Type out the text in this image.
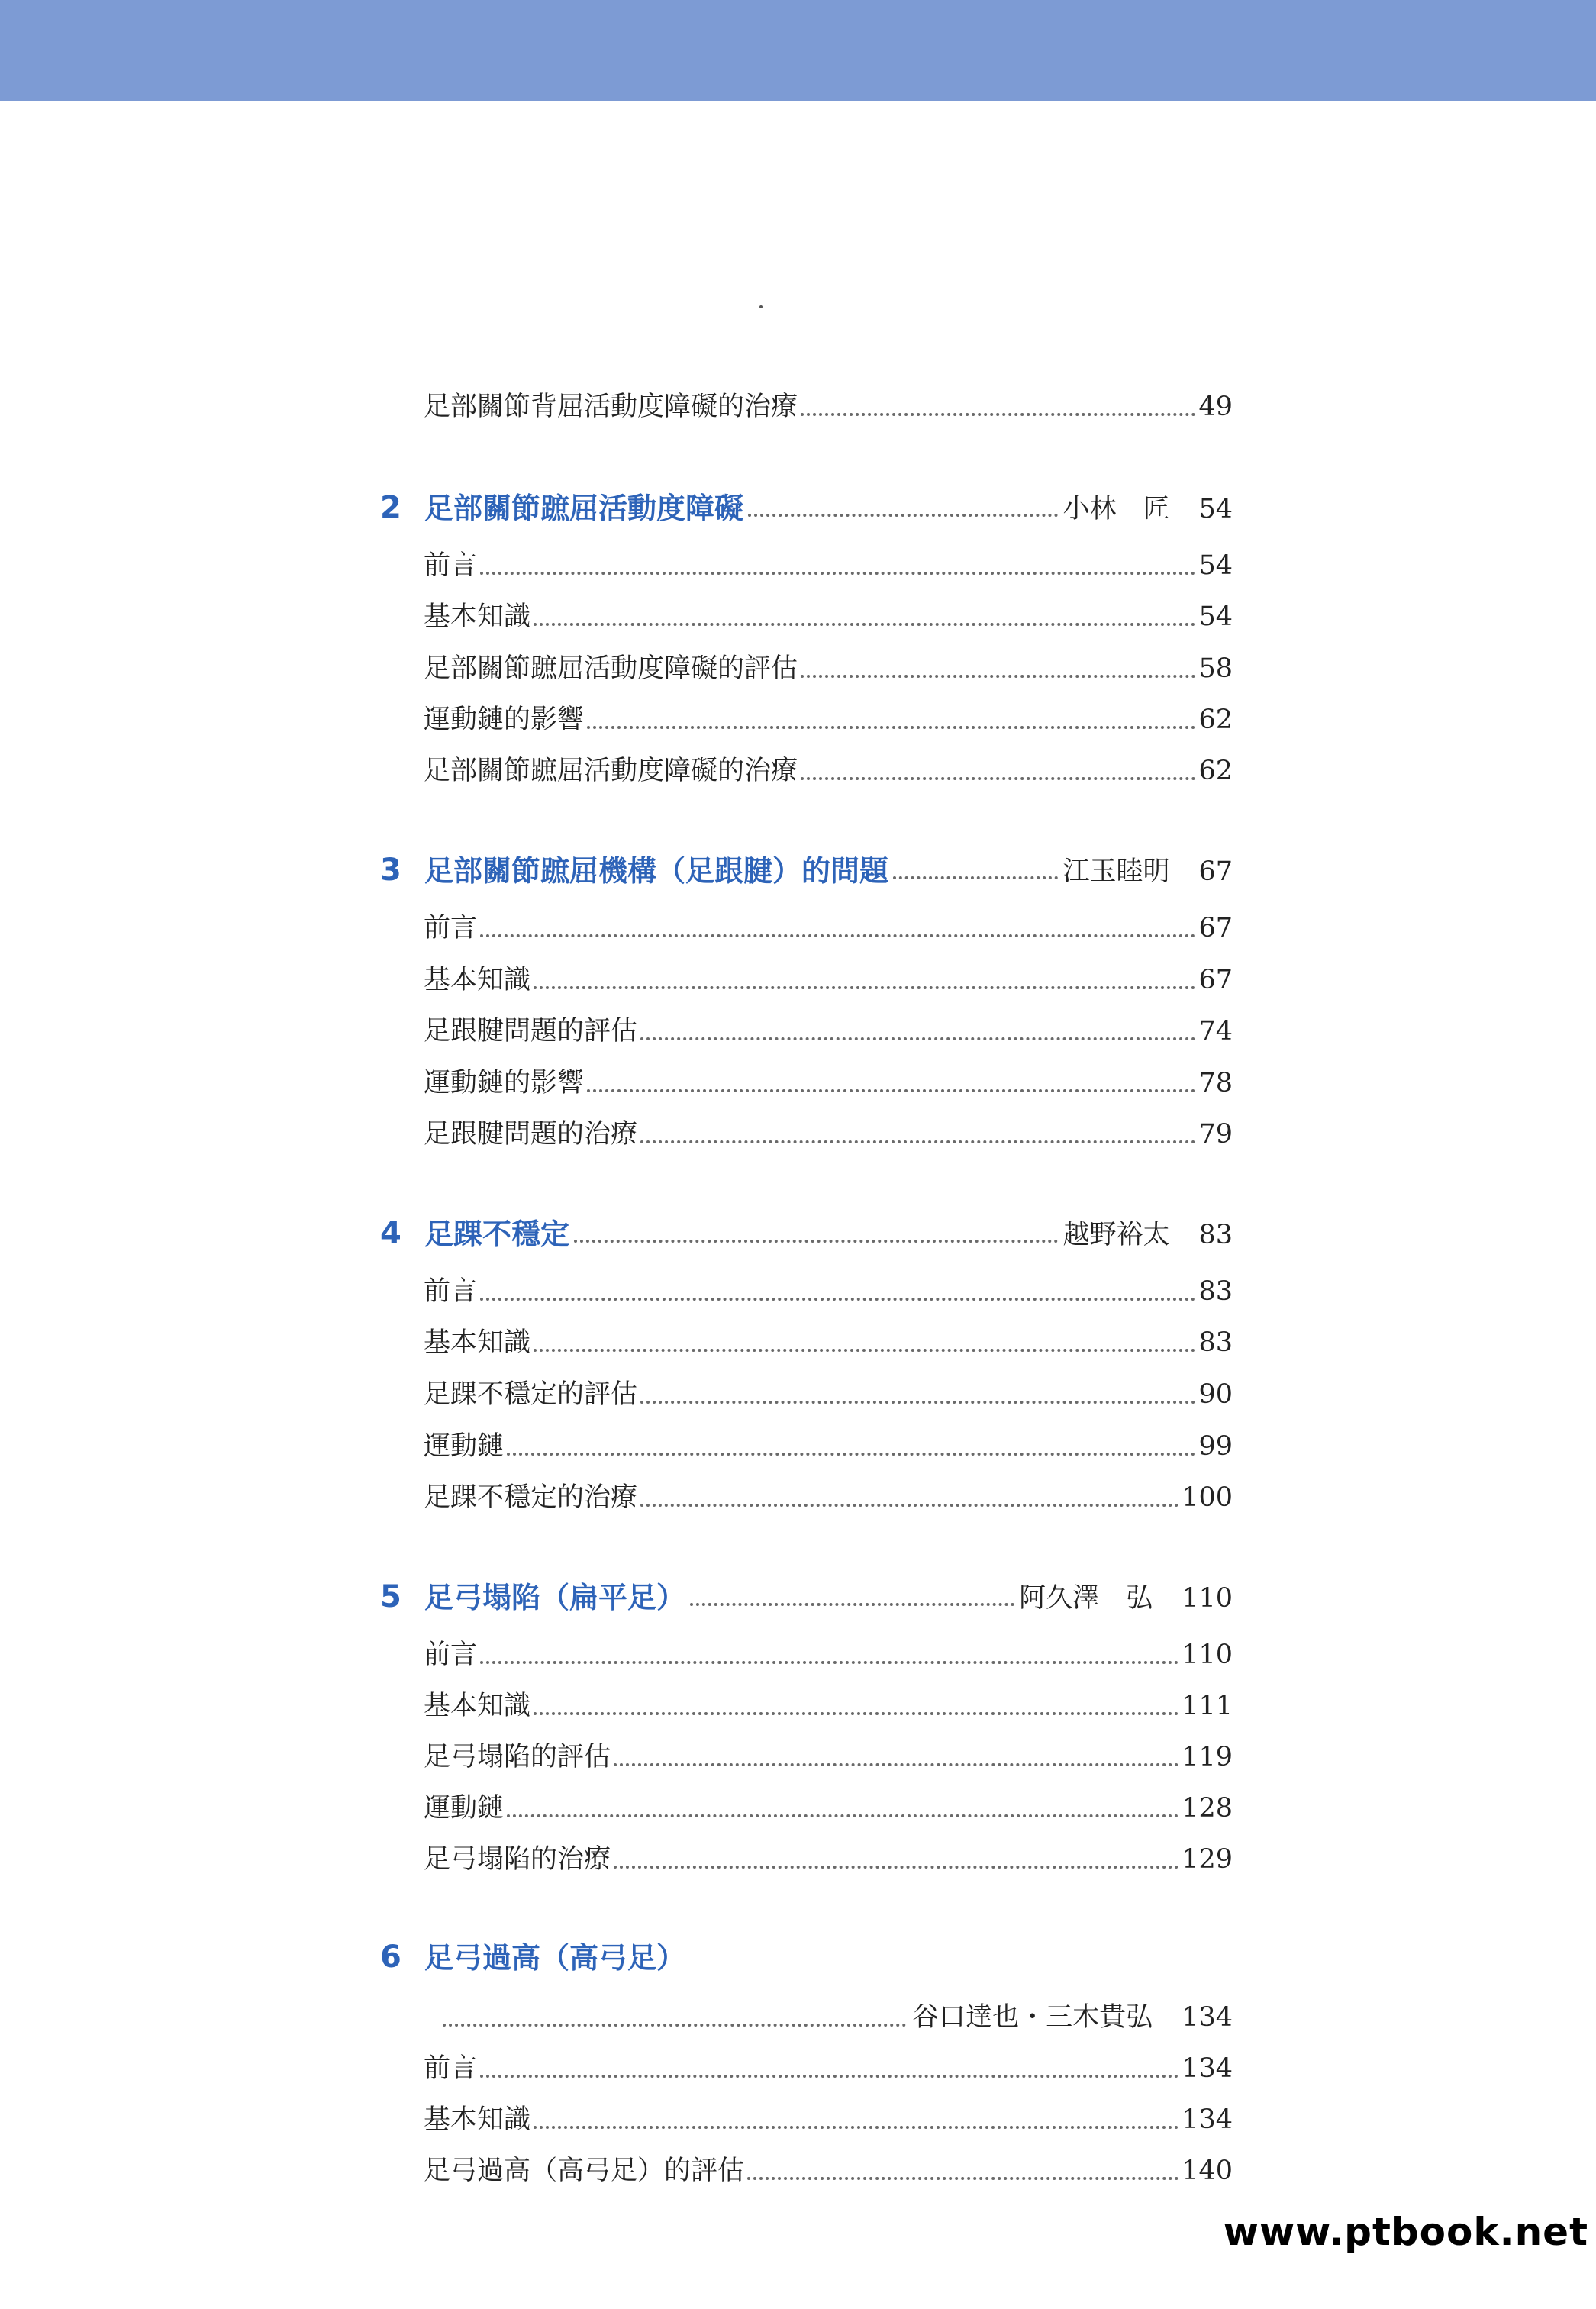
足部關節背屈活動度障礙的治療	49
2 足部關節蹠屈活動度障礙	小林　匠 54
前言	54
基本知識	54
足部關節蹠屈活動度障礙的評估	58
運動鏈的影響	62
足部關節蹠屈活動度障礙的治療	62
3 足部關節蹠屈機構（足跟腱）的問題	江玉睦明 67
前言	67
基本知識	67
足跟腱問題的評估	74
運動鏈的影響	78
足跟腱問題的治療	79
4 足踝不穩定	越野裕太 83
前言	83
基本知識	83
足踝不穩定的評估	90
運動鏈	99
足踝不穩定的治療	100
5 足弓塌陷（扁平足）	阿久澤　弘 110
前言	110
基本知識	111
足弓塌陷的評估	119
運動鏈	128
足弓塌陷的治療	129
6 足弓過高（高弓足）
谷口達也・三木貴弘 134
前言	134
基本知識	134
足弓過高（高弓足）的評估	140
www.ptbook.net
